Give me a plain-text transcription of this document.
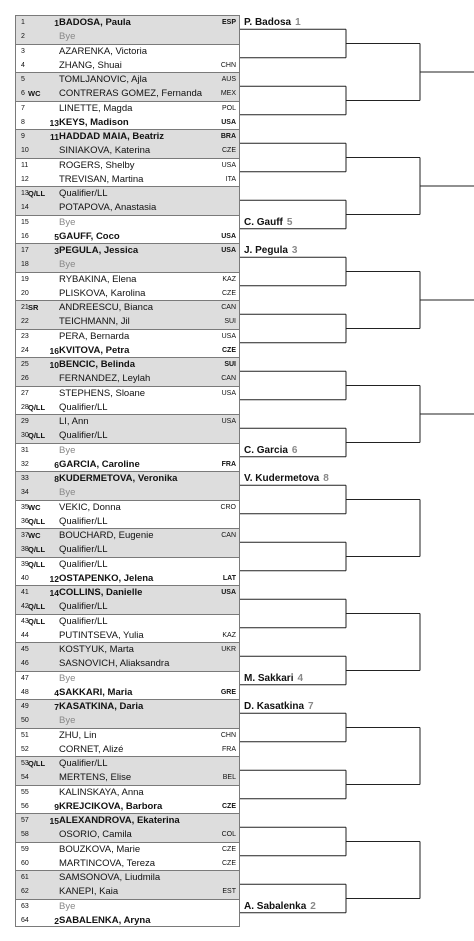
1	1 BADOSA, Paula	ESP
2	Bye
3	AZARENKA, Victoria
4	ZHANG, Shuai	CHN
5	TOMLJANOVIC, Ajla	AUS
6 WC CONTRERAS GOMEZ, Fernanda	MEX
7	LINETTE, Magda	POL
8	13 KEYS, Madison	USA
9	11 HADDAD MAIA, Beatriz	BRA
10	SINIAKOVA, Katerina	CZE
11	ROGERS, Shelby	USA
12	TREVISAN, Martina	ITA
13 Q/LL Qualifier/LL
14	POTAPOVA, Anastasia
15	Bye
16	5 GAUFF, Coco	USA
17	3 PEGULA, Jessica	USA
18	Bye
19	RYBAKINA, Elena	KAZ
20	PLISKOVA, Karolina	CZE
21 SR ANDREESCU, Bianca	CAN
22	TEICHMANN, Jil	SUI
23	PERA, Bernarda	USA
24	16 KVITOVA, Petra	CZE
25	10 BENCIC, Belinda	SUI
26	FERNANDEZ, Leylah	CAN
27	STEPHENS, Sloane	USA
28 Q/LL Qualifier/LL
29	LI, Ann	USA
30 Q/LL Qualifier/LL
31	Bye
32	6 GARCIA, Caroline	FRA
33	8 KUDERMETOVA, Veronika
34	Bye
35 WC VEKIC, Donna	CRO
36 Q/LL Qualifier/LL
37 WC BOUCHARD, Eugenie	CAN
38 Q/LL Qualifier/LL
39 Q/LL Qualifier/LL
40	12 OSTAPENKO, Jelena	LAT
41	14 COLLINS, Danielle	USA
42 Q/LL Qualifier/LL
43 Q/LL Qualifier/LL
44	PUTINTSEVA, Yulia	KAZ
45	KOSTYUK, Marta	UKR
46	SASNOVICH, Aliaksandra
47	Bye
48	4 SAKKARI, Maria	GRE
49	7 KASATKINA, Daria
50	Bye
51	ZHU, Lin	CHN
52	CORNET, Alizé	FRA
53 Q/LL Qualifier/LL
54	MERTENS, Elise	BEL
55	KALINSKAYA, Anna
56	9 KREJCIKOVA, Barbora	CZE
57	15 ALEXANDROVA, Ekaterina
58	OSORIO, Camila	COL
59	BOUZKOVA, Marie	CZE
60	MARTINCOVA, Tereza	CZE
61	SAMSONOVA, Liudmila
62	KANEPI, Kaia	EST
63	Bye
64	2 SABALENKA, Aryna
P. Badosa 1
C. Gauff 5
J. Pegula 3
C. Garcia 6
V. Kudermetova 8
M. Sakkari 4
D. Kasatkina 7
A. Sabalenka 2
